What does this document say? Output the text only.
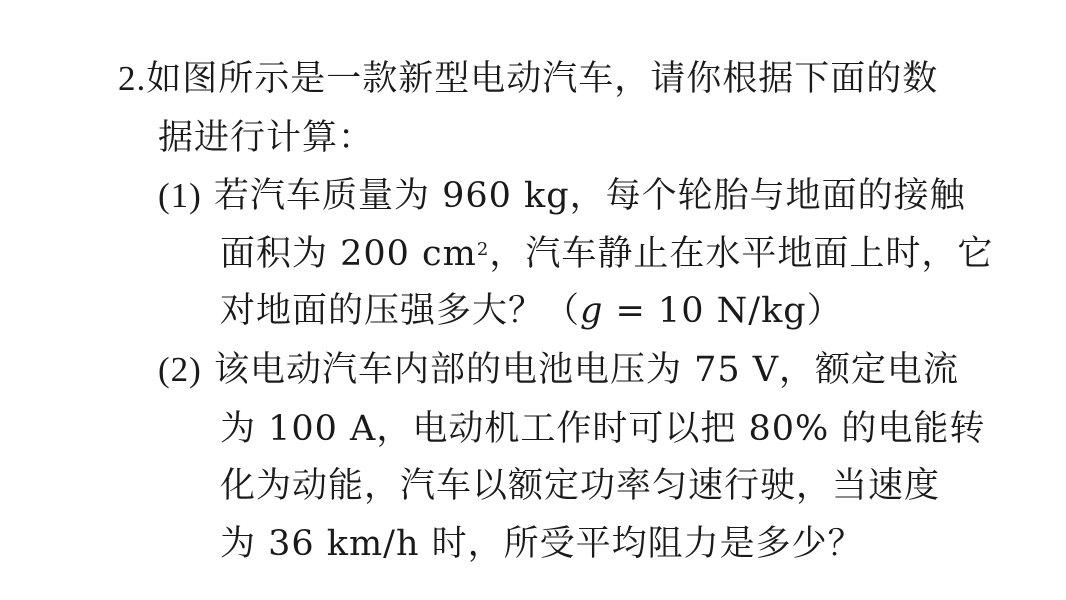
2.如图所示是一款新型电动汽车，请你根据下面的数
据进行计算：
(1) 若汽车质量为 960 kg，每个轮胎与地面的接触
面积为 200 $cm^2$，汽车静止在水平地面上时，它
对地面的压强多大？（g = 10 N/kg）
(2) 该电动汽车内部的电池电压为 75 V，额定电流
为 100 A，电动机工作时可以把 80% 的电能转
化为动能，汽车以额定功率匀速行驶，当速度
为 36 km/h 时，所受平均阻力是多少？
